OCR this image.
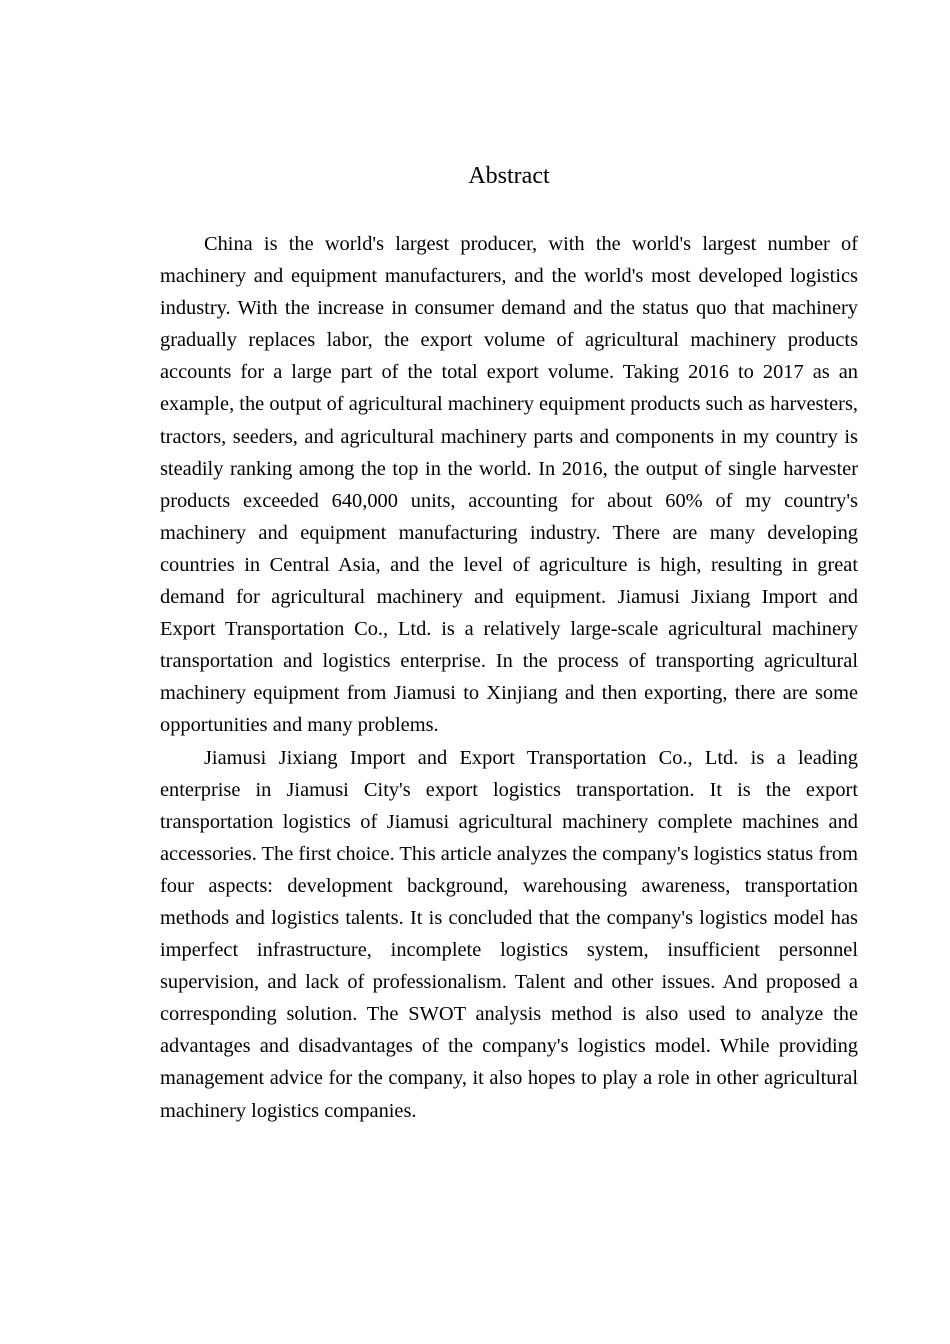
Abstract

China is the world's largest producer, with the world's largest number of machinery and equipment manufacturers, and the world's most developed logistics industry. With the increase in consumer demand and the status quo that machinery gradually replaces labor, the export volume of agricultural machinery products accounts for a large part of the total export volume. Taking 2016 to 2017 as an example, the output of agricultural machinery equipment products such as harvesters, tractors, seeders, and agricultural machinery parts and components in my country is steadily ranking among the top in the world. In 2016, the output of single harvester products exceeded 640,000 units, accounting for about 60% of my country's machinery and equipment manufacturing industry. There are many developing countries in Central Asia, and the level of agriculture is high, resulting in great demand for agricultural machinery and equipment. Jiamusi Jixiang Import and Export Transportation Co., Ltd. is a relatively large-scale agricultural machinery transportation and logistics enterprise. In the process of transporting agricultural machinery equipment from Jiamusi to Xinjiang and then exporting, there are some opportunities and many problems.

Jiamusi Jixiang Import and Export Transportation Co., Ltd. is a leading enterprise in Jiamusi City's export logistics transportation. It is the export transportation logistics of Jiamusi agricultural machinery complete machines and accessories. The first choice. This article analyzes the company's logistics status from four aspects: development background, warehousing awareness, transportation methods and logistics talents. It is concluded that the company's logistics model has imperfect infrastructure, incomplete logistics system, insufficient personnel supervision, and lack of professionalism. Talent and other issues. And proposed a corresponding solution. The SWOT analysis method is also used to analyze the advantages and disadvantages of the company's logistics model. While providing management advice for the company, it also hopes to play a role in other agricultural machinery logistics companies.
